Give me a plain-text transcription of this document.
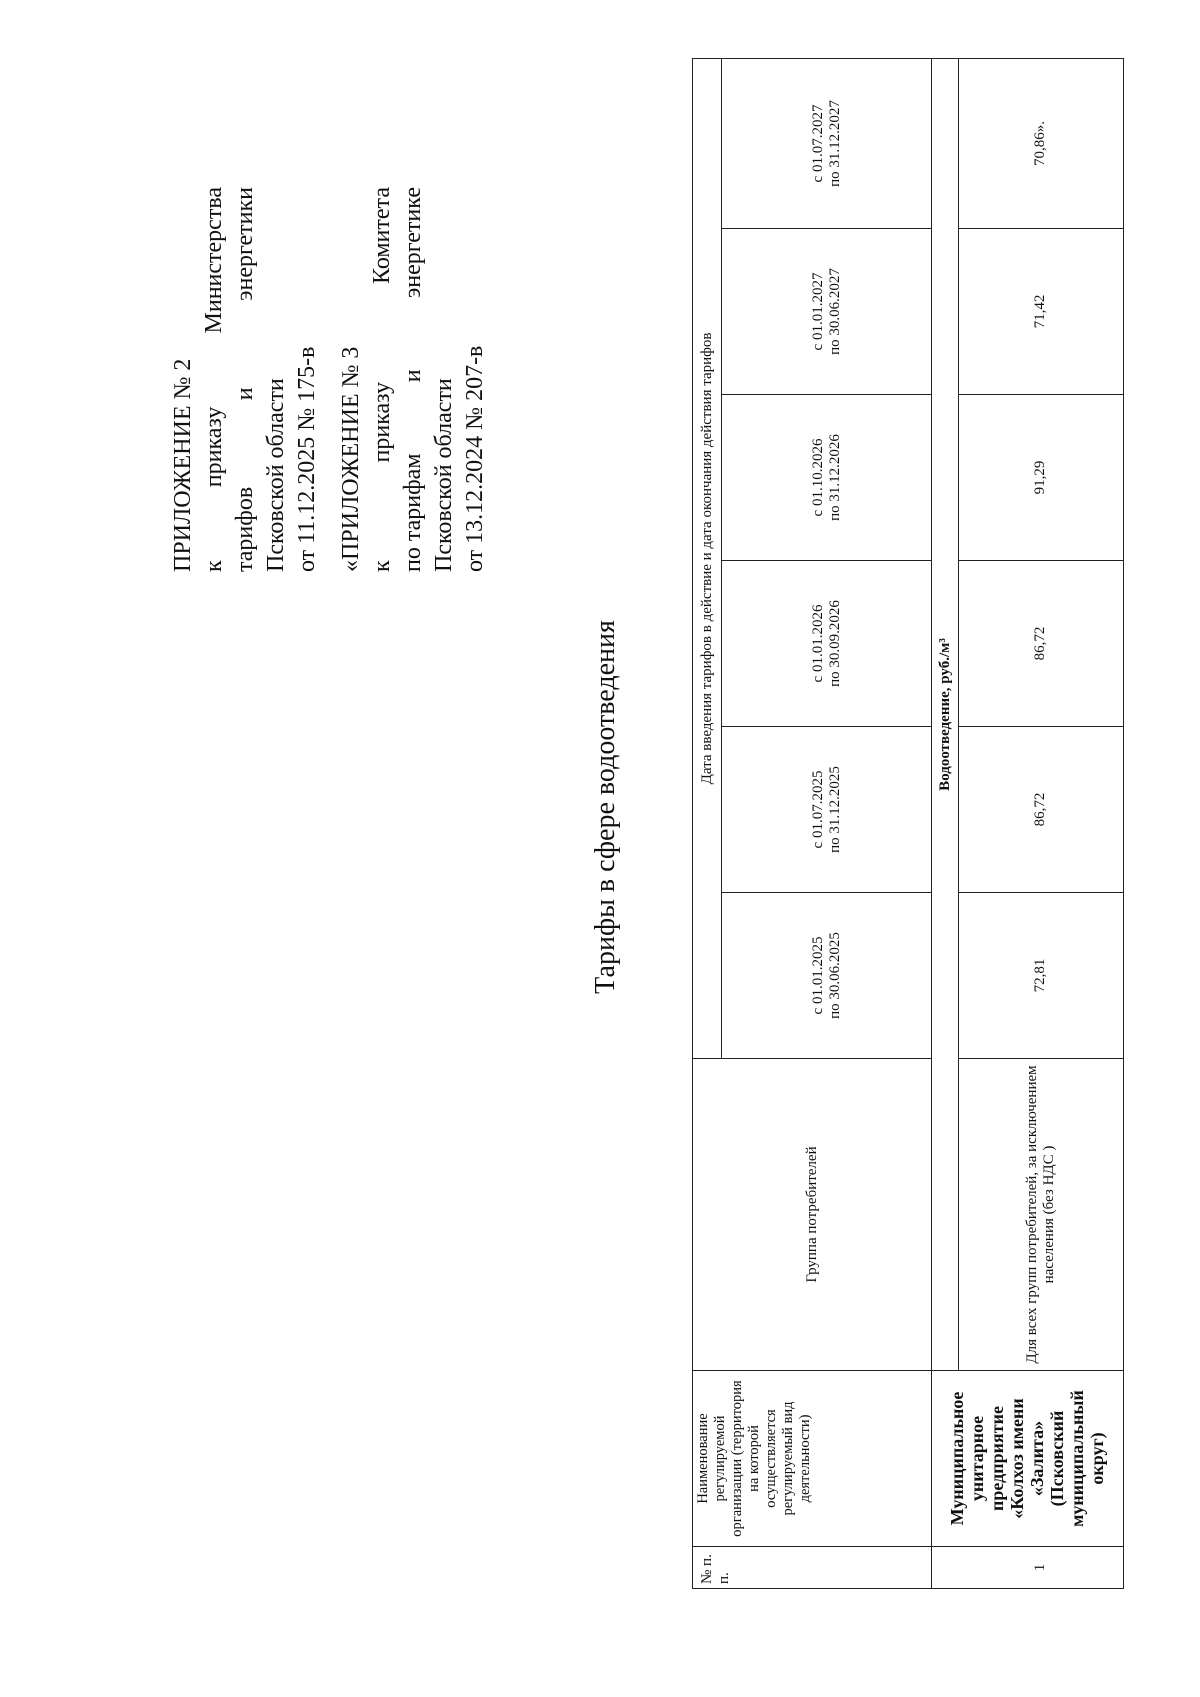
ПРИЛОЖЕНИЕ № 2 к
приказу
Министерства
тарифов
и
энергетики
Псковской области от 11.12.2025 № 175-в «ПРИЛОЖЕНИЕ № 3 к
приказу
Комитета
по тарифам
и
энергетике
Псковской области от 13.12.2024 № 207-в
Тарифы в сфере водоотведения
№ п. п.	Наименование регулируемой организации (территория на которой осуществляется регулируемый вид деятельности)	Группа потребителей	Дата введения тарифов в действие и дата окончания действия тарифов					
			с 01.01.2025
по 30.06.2025	с 01.07.2025
по 31.12.2025	с 01.01.2026
по 30.09.2026	с 01.10.2026
по 31.12.2026	с 01.01.2027
по 30.06.2027	с 01.07.2027
по 31.12.2027
	Муниципальное унитарное предприятие «Колхоз имени «Залита» (Псковский муниципальный округ)	Водоотведение, руб./м³						
1		Для всех групп потребителей, за исключением населения (без НДС )	72,81	86,72	86,72	91,29	71,42	70,86».
